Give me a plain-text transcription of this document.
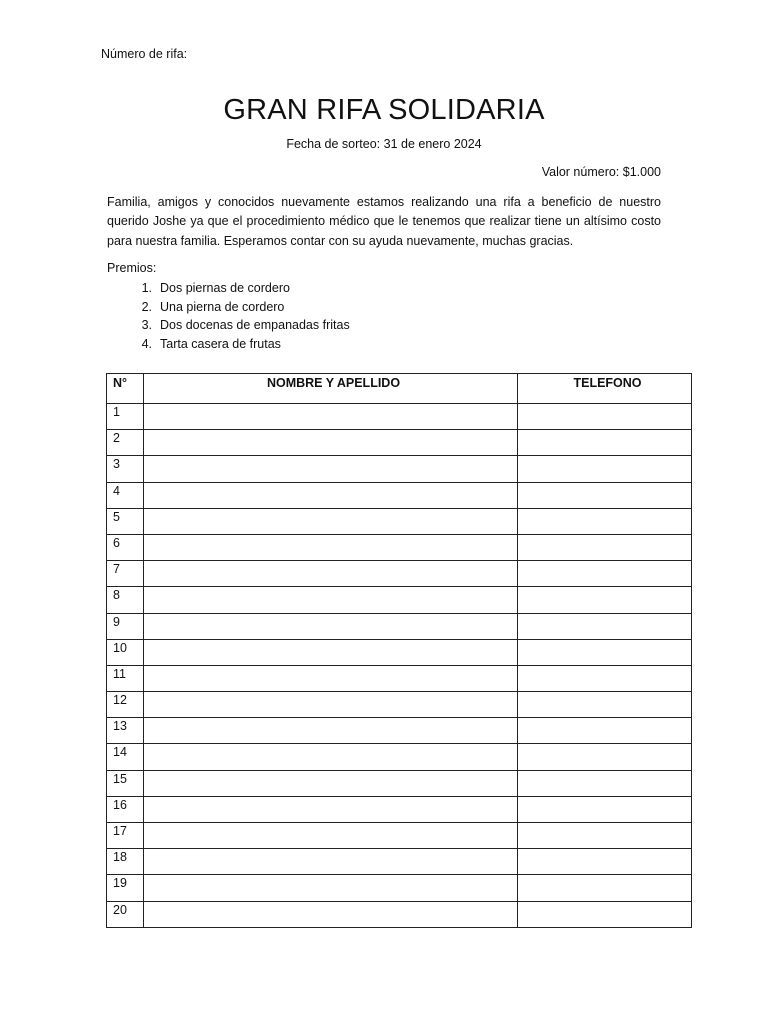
Número de rifa:
GRAN RIFA SOLIDARIA
Fecha de sorteo: 31 de enero 2024
Valor número: $1.000

Familia, amigos y conocidos nuevamente estamos realizando una rifa a beneficio de nuestro querido Joshe ya que el procedimiento médico que le tenemos que realizar tiene un altísimo costo para nuestra familia. Esperamos contar con su ayuda nuevamente, muchas gracias.

Premios:
1. Dos piernas de cordero
2. Una pierna de cordero
3. Dos docenas de empanadas fritas
4. Tarta casera de frutas
N°	NOMBRE Y APELLIDO	TELEFONO
1		
2		
3		
4		
5		
6		
7		
8		
9		
10		
11		
12		
13		
14		
15		
16		
17		
18		
19		
20		
